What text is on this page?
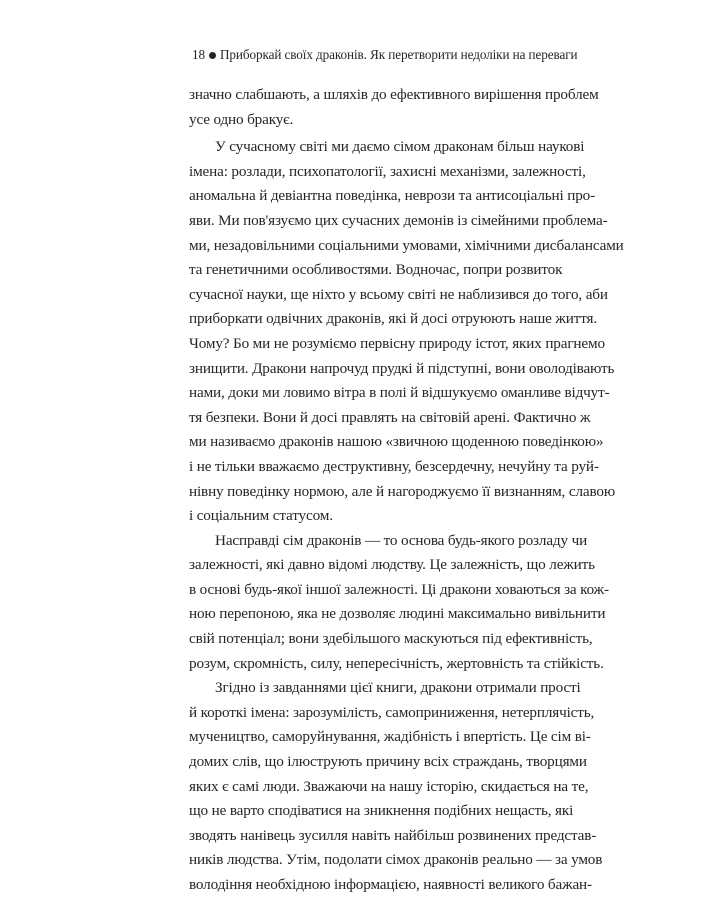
18 Приборкай своїх драконів. Як перетворити недоліки на переваги
значно слабшають, а шляхів до ефективного вирішення проблем
усе одно бракує.
У сучасному світі ми даємо сімом драконам більш наукові
імена: розлади, психопатології, захисні механізми, залежності,
аномальна й девіантна поведінка, неврози та антисоціальні про-
яви. Ми пов'язуємо цих сучасних демонів із сімейними проблема-
ми, незадовільними соціальними умовами, хімічними дисбалансами
та генетичними особливостями. Водночас, попри розвиток
сучасної науки, ще ніхто у всьому світі не наблизився до того, аби
приборкати одвічних драконів, які й досі отруюють наше життя.
Чому? Бо ми не розуміємо первісну природу істот, яких прагнемо
знищити. Дракони напрочуд прудкі й підступні, вони оволодівають
нами, доки ми ловимо вітра в полі й відшукуємо оманливе відчут-
тя безпеки. Вони й досі правлять на світовій арені. Фактично ж
ми називаємо драконів нашою «звичною щоденною поведінкою»
і не тільки вважаємо деструктивну, безсердечну, нечуйну та руй-
нівну поведінку нормою, але й нагороджуємо її визнанням, славою
і соціальним статусом.
Насправді сім драконів — то основа будь-якого розладу чи
залежності, які давно відомі людству. Це залежність, що лежить
в основі будь-якої іншої залежності. Ці дракони ховаються за кож-
ною перепоною, яка не дозволяє людині максимально вивільнити
свій потенціал; вони здебільшого маскуються під ефективність,
розум, скромність, силу, непересічність, жертовність та стійкість.
Згідно із завданнями цієї книги, дракони отримали прості
й короткі імена: зарозумілість, самоприниження, нетерплячість,
мучеництво, саморуйнування, жадібність і впертість. Це сім ві-
домих слів, що ілюструють причину всіх страждань, творцями
яких є самі люди. Зважаючи на нашу історію, скидається на те,
що не варто сподіватися на зникнення подібних нещасть, які
зводять нанівець зусилля навіть найбільш розвинених представ-
ників людства. Утім, подолати сімох драконів реально — за умов
володіння необхідною інформацією, наявності великого бажан-
